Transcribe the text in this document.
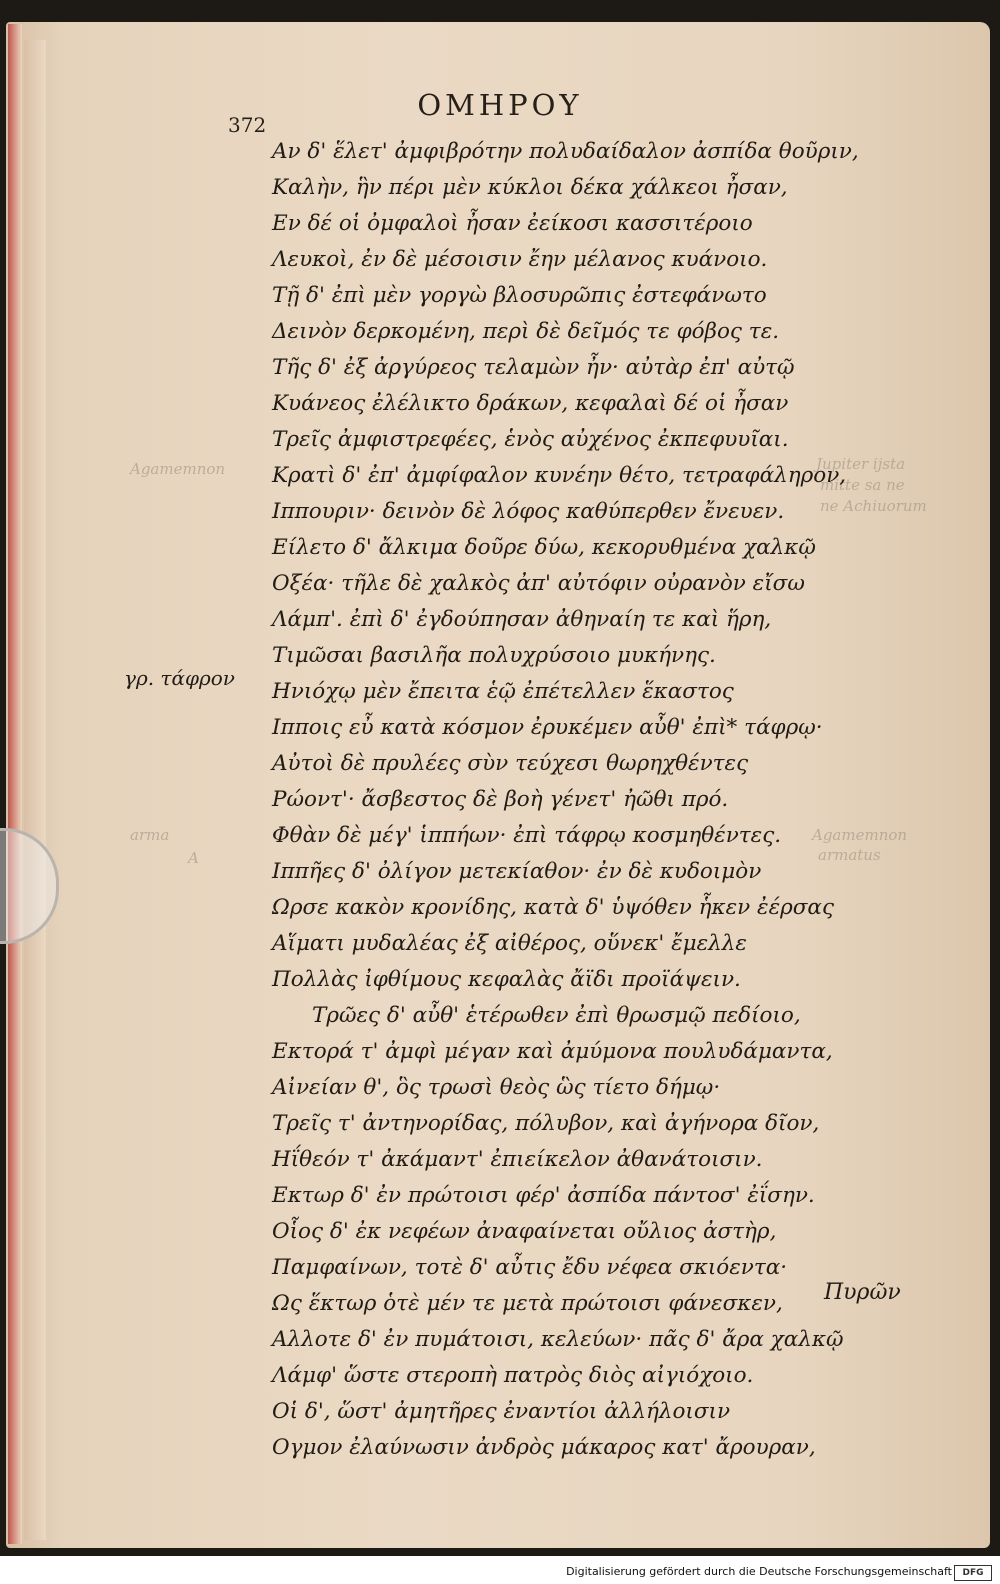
Jupiter ijsta
mitte sa ne
ne Achiuorum
Agamemnon
arma
A
Agamemnon
armatus
ΟΜΗΡΟΥ
372
Αν δ' ἕλετ' ἀμφιβρότην πολυδαίδαλον ἀσπίδα θοῦριν,
Καλὴν, ἣν πέρι μὲν κύκλοι δέκα χάλκεοι ἦσαν,
Εν δέ οἱ ὀμφαλοὶ ἦσαν ἐείκοσι κασσιτέροιο
Λευκοὶ, ἐν δὲ μέσοισιν ἔην μέλανος κυάνοιο.
Τῇ δ' ἐπὶ μὲν γοργὼ βλοσυρῶπις ἐστεφάνωτο
Δεινὸν δερκομένη, περὶ δὲ δεῖμός τε φόβος τε.
Τῆς δ' ἐξ ἀργύρεος τελαμὼν ἦν· αὐτὰρ ἐπ' αὐτῷ
Κυάνεος ἐλέλικτο δράκων, κεφαλαὶ δέ οἱ ἦσαν
Τρεῖς ἀμφιστρεφέες, ἑνὸς αὐχένος ἐκπεφυυῖαι.
Κρατὶ δ' ἐπ' ἀμφίφαλον κυνέην θέτο, τετραφάληρον,
Ιππουριν· δεινὸν δὲ λόφος καθύπερθεν ἔνευεν.
Είλετο δ' ἄλκιμα δοῦρε δύω, κεκορυθμένα χαλκῷ
Οξέα· τῆλε δὲ χαλκὸς ἀπ' αὐτόφιν οὐρανὸν εἴσω
Λάμπ'. ἐπὶ δ' ἐγδούπησαν ἀθηναίη τε καὶ ἥρη,
Τιμῶσαι βασιλῆα πολυχρύσοιο μυκήνης.
Ηνιόχῳ μὲν ἔπειτα ἑῷ ἐπέτελλεν ἕκαστος
Ιπποις εὖ κατὰ κόσμον ἐρυκέμεν αὖθ' ἐπὶ* τάφρῳ·
Αὐτοὶ δὲ πρυλέες σὺν τεύχεσι θωρηχθέντες
Ρώοντ'· ἄσβεστος δὲ βοὴ γένετ' ἠῶθι πρό.
Φθὰν δὲ μέγ' ἱππήων· ἐπὶ τάφρῳ κοσμηθέντες.
Ιππῆες δ' ὀλίγον μετεκίαθον· ἐν δὲ κυδοιμὸν
Ωρσε κακὸν κρονίδης, κατὰ δ' ὑψόθεν ἧκεν ἐέρσας
Αἵματι μυδαλέας ἐξ αἰθέρος, οὕνεκ' ἔμελλε
Πολλὰς ἰφθίμους κεφαλὰς ἄϊδι προϊάψειν.
Τρῶες δ' αὖθ' ἑτέρωθεν ἐπὶ θρωσμῷ πεδίοιο,
Εκτορά τ' ἀμφὶ μέγαν καὶ ἀμύμονα πουλυδάμαντα,
Αἰνείαν θ', ὃς τρωσὶ θεὸς ὣς τίετο δήμῳ·
Τρεῖς τ' ἀντηνορίδας, πόλυβον, καὶ ἀγήνορα δῖον,
Ηΐθεόν τ' ἀκάμαντ' ἐπιείκελον ἀθανάτοισιν.
Εκτωρ δ' ἐν πρώτοισι φέρ' ἀσπίδα πάντοσ' ἐΐσην.
Οἷος δ' ἐκ νεφέων ἀναφαίνεται οὔλιος ἀστὴρ,
Παμφαίνων, τοτὲ δ' αὖτις ἔδυ νέφεα σκιόεντα·
Ως ἕκτωρ ὁτὲ μέν τε μετὰ πρώτοισι φάνεσκεν,
Αλλοτε δ' ἐν πυμάτοισι, κελεύων· πᾶς δ' ἄρα χαλκῷ
Λάμφ' ὥστε στεροπὴ πατρὸς διὸς αἰγιόχοιο.
Οἱ δ', ὥστ' ἀμητῆρες ἐναντίοι ἀλλήλοισιν
Ογμον ἐλαύνωσιν ἀνδρὸς μάκαρος κατ' ἄρουραν,
γρ. τάφρον
Πυρῶν
Digitalisierung gefördert durch die Deutsche Forschungsgemeinschaft	DFG
